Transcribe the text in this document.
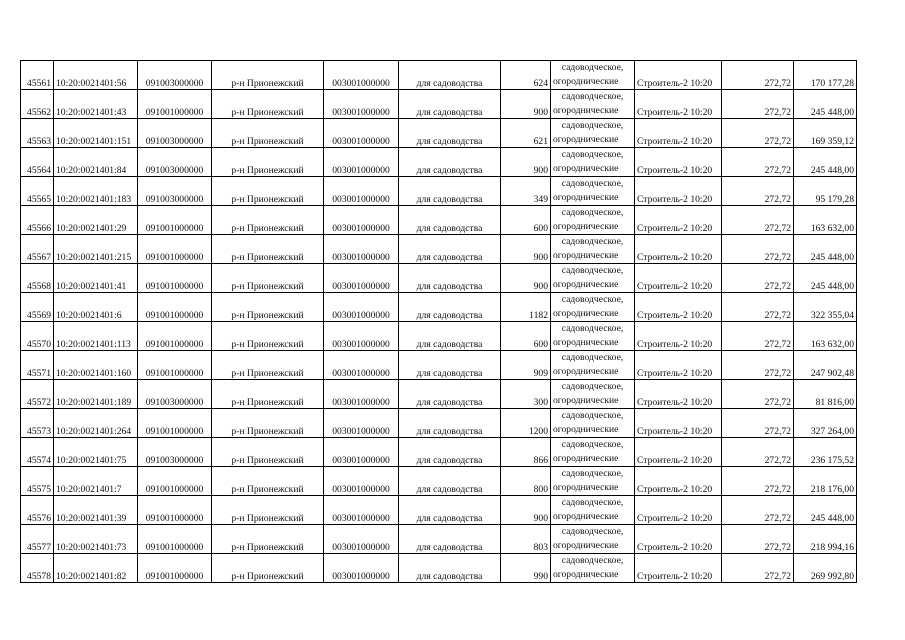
45561	10:20:0021401:56	091003000000	р-н Прионежский	003001000000	для садоводства	624	садоводческое,
огороднические	Строитель-2 10:20	272,72	170 177,28
45562	10:20:0021401:43	091001000000	р-н Прионежский	003001000000	для садоводства	900	садоводческое,
огороднические	Строитель-2 10:20	272,72	245 448,00
45563	10:20:0021401:151	091003000000	р-н Прионежский	003001000000	для садоводства	621	садоводческое,
огороднические	Строитель-2 10:20	272,72	169 359,12
45564	10:20:0021401:84	091003000000	р-н Прионежский	003001000000	для садоводства	900	садоводческое,
огороднические	Строитель-2 10:20	272,72	245 448,00
45565	10:20:0021401:183	091003000000	р-н Прионежский	003001000000	для садоводства	349	садоводческое,
огороднические	Строитель-2 10:20	272,72	95 179,28
45566	10:20:0021401:29	091001000000	р-н Прионежский	003001000000	для садоводства	600	садоводческое,
огороднические	Строитель-2 10:20	272,72	163 632,00
45567	10:20:0021401:215	091001000000	р-н Прионежский	003001000000	для садоводства	900	садоводческое,
огороднические	Строитель-2 10:20	272,72	245 448,00
45568	10:20:0021401:41	091001000000	р-н Прионежский	003001000000	для садоводства	900	садоводческое,
огороднические	Строитель-2 10:20	272,72	245 448,00
45569	10:20:0021401:6	091001000000	р-н Прионежский	003001000000	для садоводства	1182	садоводческое,
огороднические	Строитель-2 10:20	272,72	322 355,04
45570	10:20:0021401:113	091001000000	р-н Прионежский	003001000000	для садоводства	600	садоводческое,
огороднические	Строитель-2 10:20	272,72	163 632,00
45571	10:20:0021401:160	091001000000	р-н Прионежский	003001000000	для садоводства	909	садоводческое,
огороднические	Строитель-2 10:20	272,72	247 902,48
45572	10:20:0021401:189	091003000000	р-н Прионежский	003001000000	для садоводства	300	садоводческое,
огороднические	Строитель-2 10:20	272,72	81 816,00
45573	10:20:0021401:264	091001000000	р-н Прионежский	003001000000	для садоводства	1200	садоводческое,
огороднические	Строитель-2 10:20	272,72	327 264,00
45574	10:20:0021401:75	091003000000	р-н Прионежский	003001000000	для садоводства	866	садоводческое,
огороднические	Строитель-2 10:20	272,72	236 175,52
45575	10:20:0021401:7	091001000000	р-н Прионежский	003001000000	для садоводства	800	садоводческое,
огороднические	Строитель-2 10:20	272,72	218 176,00
45576	10:20:0021401:39	091001000000	р-н Прионежский	003001000000	для садоводства	900	садоводческое,
огороднические	Строитель-2 10:20	272,72	245 448,00
45577	10:20:0021401:73	091001000000	р-н Прионежский	003001000000	для садоводства	803	садоводческое,
огороднические	Строитель-2 10:20	272,72	218 994,16
45578	10:20:0021401:82	091001000000	р-н Прионежский	003001000000	для садоводства	990	садоводческое,
огороднические	Строитель-2 10:20	272,72	269 992,80
